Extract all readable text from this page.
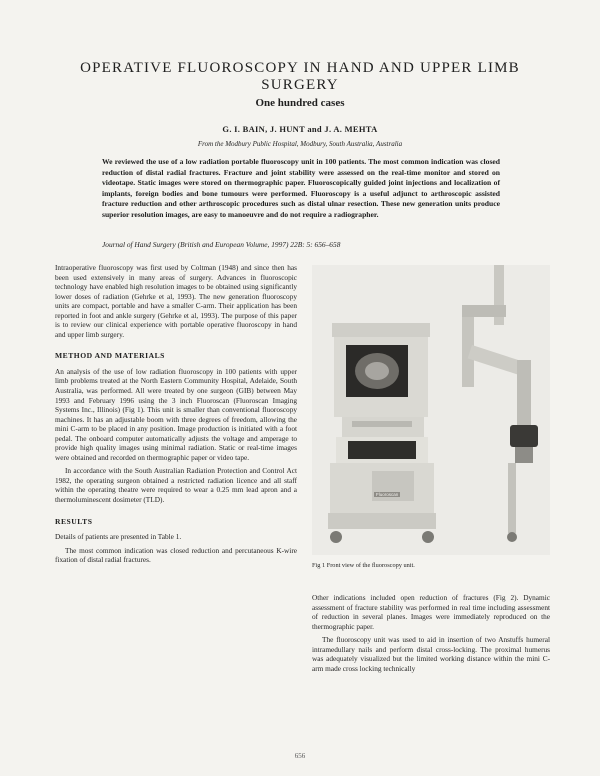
OPERATIVE FLUOROSCOPY IN HAND AND UPPER LIMB SURGERY
One hundred cases
G. I. BAIN, J. HUNT and J. A. MEHTA
From the Modbury Public Hospital, Modbury, South Australia, Australia

We reviewed the use of a low radiation portable fluoroscopy unit in 100 patients. The most common indication was closed reduction of distal radial fractures. Fracture and joint stability were assessed on the real-time monitor and stored on videotape. Static images were stored on thermographic paper. Fluoroscopically guided joint injections and localization of implants, foreign bodies and bone tumours were performed. Fluoroscopy is a useful adjunct to arthroscopic assisted fracture reduction and other arthroscopic procedures such as distal ulnar resection. These new generation units produce superior resolution images, are easy to manoeuvre and do not require a radiographer.

Journal of Hand Surgery (British and European Volume, 1997) 22B: 5: 656–658

Intraoperative fluoroscopy was first used by Coltman (1948) and since then has been used extensively in many areas of surgery. Advances in fluoroscopic technology have enabled high resolution images to be obtained using significantly lower doses of radiation (Gehrke et al, 1993). The new generation fluoroscopy units are compact, portable and have a smaller C-arm. Their application has been reported in foot and ankle surgery (Gehrke et al, 1993). The purpose of this paper is to review our clinical experience with portable operative fluoroscopy in hand and upper limb surgery.

METHOD AND MATERIALS

An analysis of the use of low radiation fluoroscopy in 100 patients with upper limb problems treated at the North Eastern Community Hospital, Adelaide, South Australia, was performed. All were treated by one surgeon (GIB) between May 1993 and February 1996 using the 3 inch Fluoroscan (Fluoroscan Imaging Systems Inc., Illinois) (Fig 1). This unit is smaller than conventional fluoroscopy machines. It has an adjustable boom with three degrees of freedom, allowing the mini C-arm to be placed in any position. Image production is initiated with a foot pedal. The onboard computer automatically adjusts the voltage and amperage to provide high quality images using minimal radiation. Static or real-time images were obtained and recorded on thermographic paper or video tape.

In accordance with the South Australian Radiation Protection and Control Act 1982, the operating surgeon obtained a restricted radiation licence and all staff within the operating theatre were required to wear a 0.25 mm lead apron and a thermoluminescent dosimeter (TLD).

RESULTS

Details of patients are presented in Table 1.

The most common indication was closed reduction and percutaneous K-wire fixation of distal radial fractures.

Fluoroscan
Fig 1 Front view of the fluoroscopy unit.

Other indications included open reduction of fractures (Fig 2). Dynamic assessment of fracture stability was performed in real time including assessment of reduction in several planes. Images were immediately reproduced on the thermographic paper.

The fluoroscopy unit was used to aid in insertion of two Anstuffs humeral intramedullary nails and perform distal cross-locking. The proximal humerus was adequately visualized but the limited working distance within the mini C-arm made cross locking technically

656
